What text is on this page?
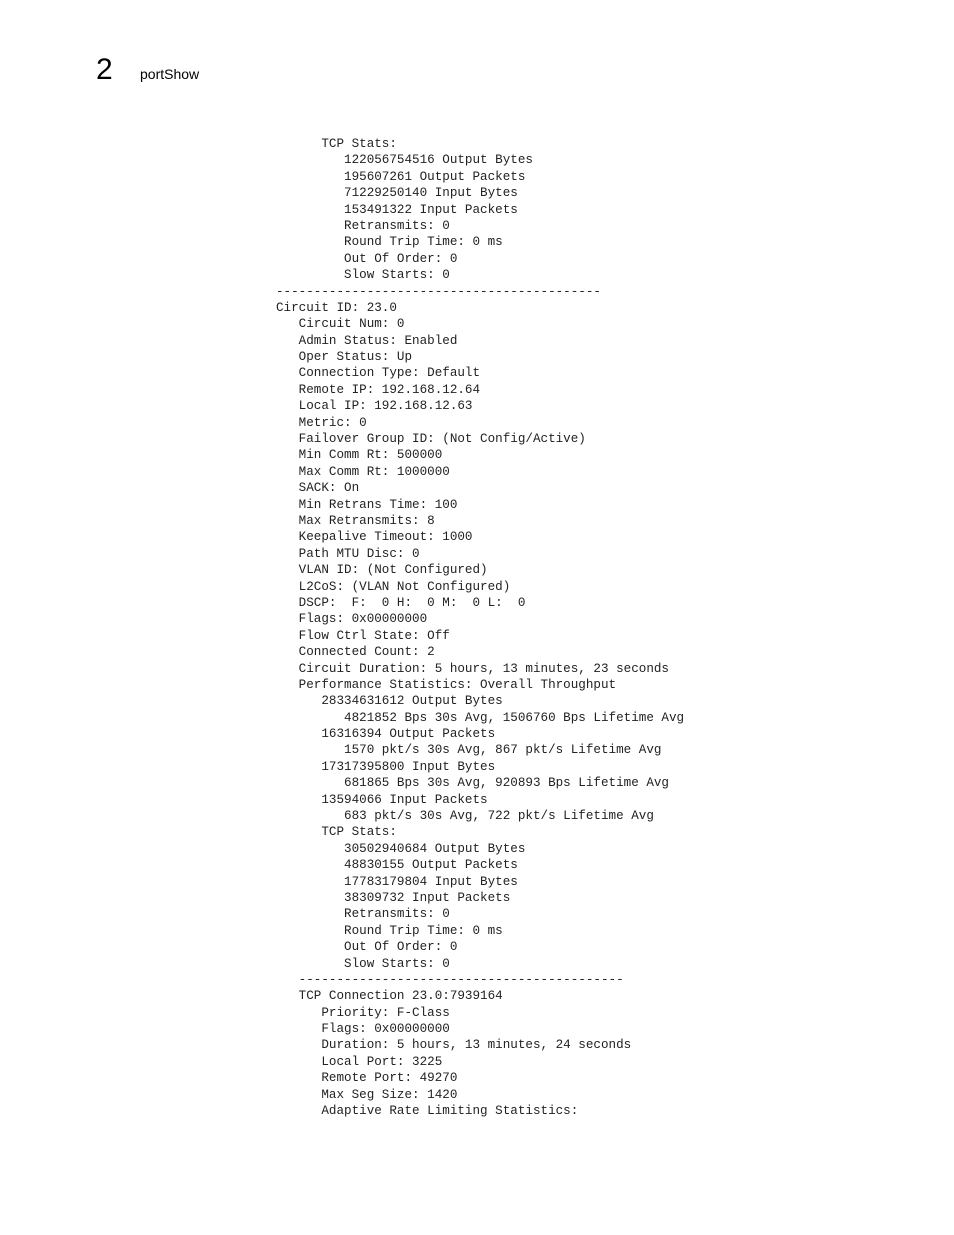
2 portShow
TCP Stats:
122056754516 Output Bytes
195607261 Output Packets
71229250140 Input Bytes
153491322 Input Packets
Retransmits: 0
Round Trip Time: 0 ms
Out Of Order: 0
Slow Starts: 0
-------------------------------------------
Circuit ID: 23.0
Circuit Num: 0
Admin Status: Enabled
Oper Status: Up
Connection Type: Default
Remote IP: 192.168.12.64
Local IP: 192.168.12.63
Metric: 0
Failover Group ID: (Not Config/Active)
Min Comm Rt: 500000
Max Comm Rt: 1000000
SACK: On
Min Retrans Time: 100
Max Retransmits: 8
Keepalive Timeout: 1000
Path MTU Disc: 0
VLAN ID: (Not Configured)
L2CoS: (VLAN Not Configured)
DSCP:  F:  0 H:  0 M:  0 L:  0
Flags: 0x00000000
Flow Ctrl State: Off
Connected Count: 2
Circuit Duration: 5 hours, 13 minutes, 23 seconds
Performance Statistics: Overall Throughput
28334631612 Output Bytes
4821852 Bps 30s Avg, 1506760 Bps Lifetime Avg
16316394 Output Packets
1570 pkt/s 30s Avg, 867 pkt/s Lifetime Avg
17317395800 Input Bytes
681865 Bps 30s Avg, 920893 Bps Lifetime Avg
13594066 Input Packets
683 pkt/s 30s Avg, 722 pkt/s Lifetime Avg
TCP Stats:
30502940684 Output Bytes
48830155 Output Packets
17783179804 Input Bytes
38309732 Input Packets
Retransmits: 0
Round Trip Time: 0 ms
Out Of Order: 0
Slow Starts: 0
-------------------------------------------
TCP Connection 23.0:7939164
Priority: F-Class
Flags: 0x00000000
Duration: 5 hours, 13 minutes, 24 seconds
Local Port: 3225
Remote Port: 49270
Max Seg Size: 1420
Adaptive Rate Limiting Statistics:
